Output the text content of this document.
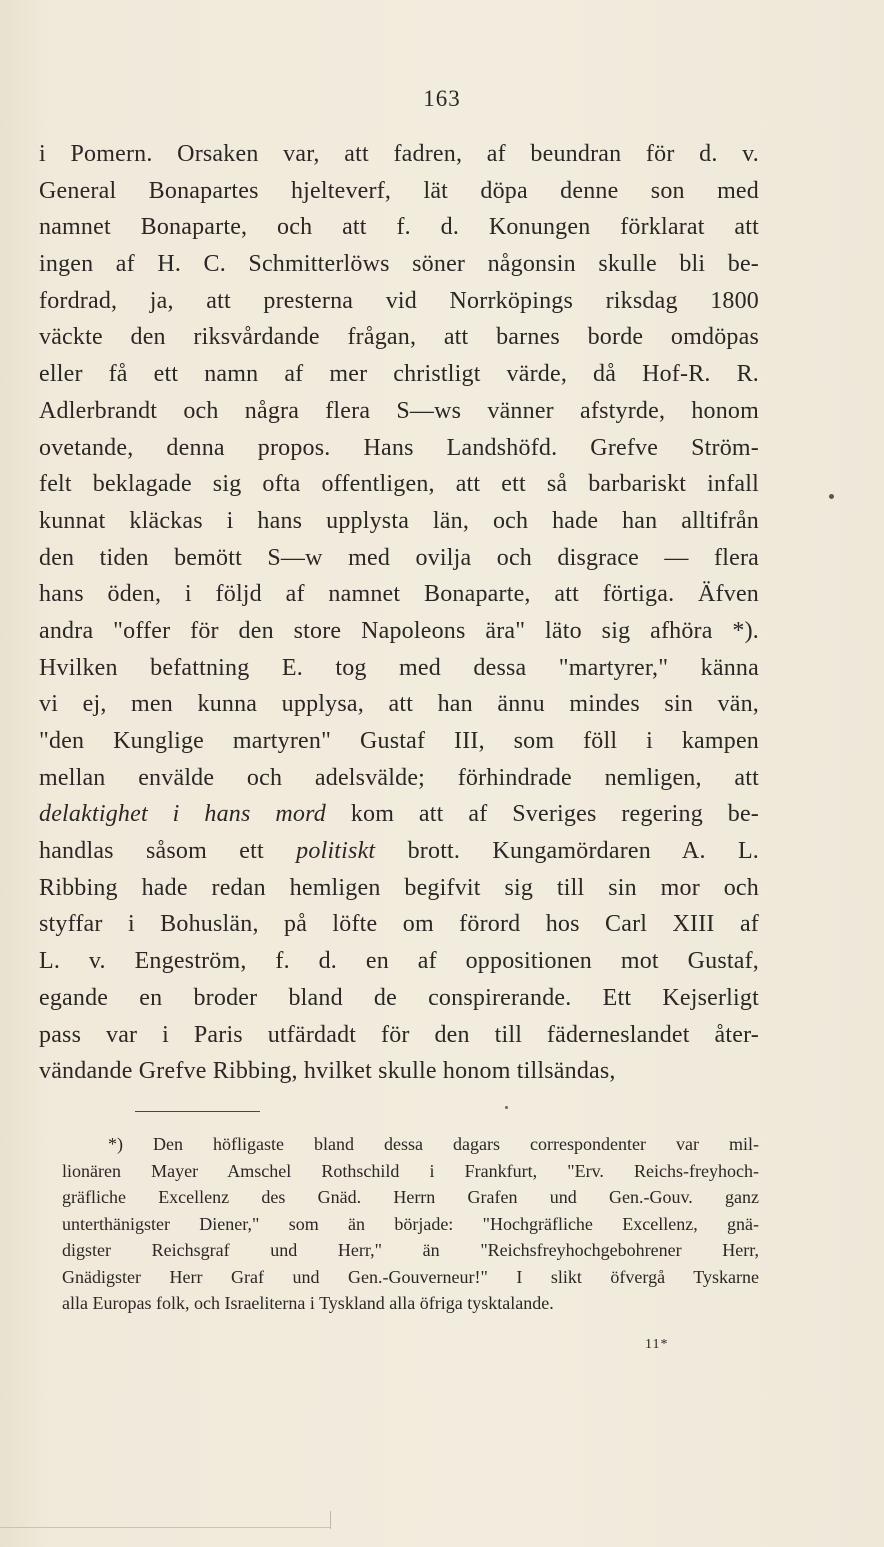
163
i Pomern. Orsaken var, att fadren, af beundran för d. v.
General Bonapartes hjelteverf, lät döpa denne son med
namnet Bonaparte, och att f. d. Konungen förklarat att
ingen af H. C. Schmitterlöws söner någonsin skulle bli be-
fordrad, ja, att presterna vid Norrköpings riksdag 1800
väckte den riksvårdande frågan, att barnes borde omdöpas
eller få ett namn af mer christligt värde, då Hof-R. R.
Adlerbrandt och några flera S—ws vänner afstyrde, honom
ovetande, denna propos. Hans Landshöfd. Grefve Ström-
felt beklagade sig ofta offentligen, att ett så barbariskt infall
kunnat kläckas i hans upplysta län, och hade han alltifrån
den tiden bemött S—w med ovilja och disgrace — flera
hans öden, i följd af namnet Bonaparte, att förtiga. Äfven
andra "offer för den store Napoleons ära" läto sig afhöra *).
Hvilken befattning E. tog med dessa "martyrer," känna
vi ej, men kunna upplysa, att han ännu mindes sin vän,
"den Kunglige martyren" Gustaf III, som föll i kampen
mellan envälde och adelsvälde; förhindrade nemligen, att
delaktighet i hans mord kom att af Sveriges regering be-
handlas såsom ett politiskt brott. Kungamördaren A. L.
Ribbing hade redan hemligen begifvit sig till sin mor och
styffar i Bohuslän, på löfte om förord hos Carl XIII af
L. v. Engeström, f. d. en af oppositionen mot Gustaf,
egande en broder bland de conspirerande. Ett Kejserligt
pass var i Paris utfärdadt för den till fäderneslandet åter-
vändande Grefve Ribbing, hvilket skulle honom tillsändas,
*) Den höfligaste bland dessa dagars correspondenter var mil-
lionären Mayer Amschel Rothschild i Frankfurt, "Erv. Reichs-freyhoch-
gräfliche Excellenz des Gnäd. Herrn Grafen und Gen.-Gouv. ganz
unterthänigster Diener," som än började: "Hochgräfliche Excellenz, gnä-
digster Reichsgraf und Herr," än "Reichsfreyhochgebohrener Herr,
Gnädigster Herr Graf und Gen.-Gouverneur!" I slikt öfvergå Tyskarne
alla Europas folk, och Israeliterna i Tyskland alla öfriga tysktalande.
11*
